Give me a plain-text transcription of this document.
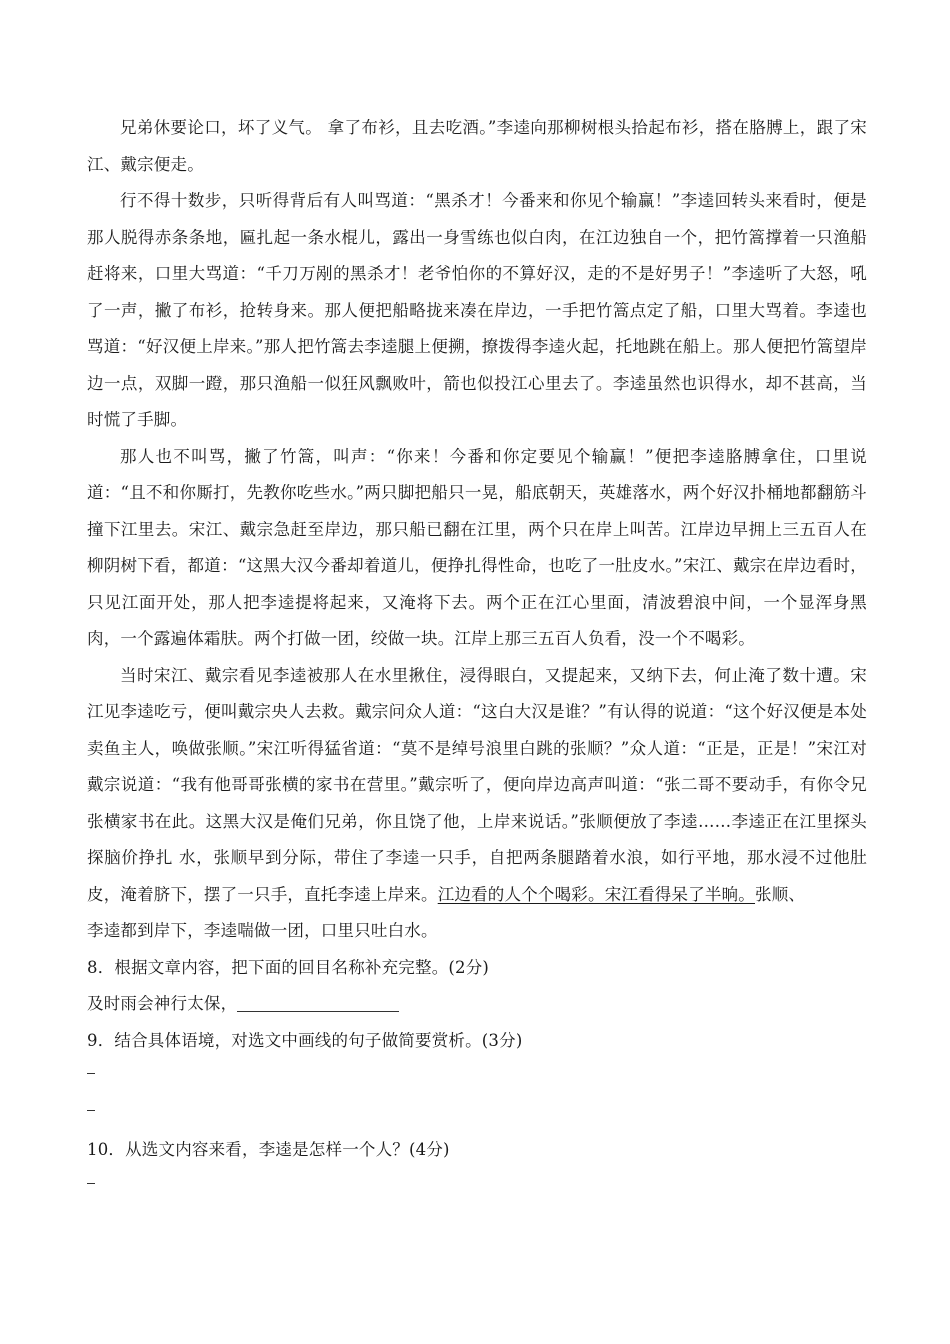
兄弟休要论口，坏了义气。 拿了布衫，且去吃酒。”李逵向那柳树根头拾起布衫，搭在胳膊上，跟了宋江、戴宗便走。

行不得十数步，只听得背后有人叫骂道：“黑杀才！今番来和你见个输赢！”李逵回转头来看时，便是那人脱得赤条条地，匾扎起一条水棍儿，露出一身雪练也似白肉，在江边独自一个，把竹篙撑着一只渔船赶将来，口里大骂道：“千刀万剐的黑杀才！老爷怕你的不算好汉，走的不是好男子！”李逵听了大怒，吼了一声，撇了布衫，抢转身来。那人便把船略拢来凑在岸边，一手把竹篙点定了船，口里大骂着。李逵也骂道：“好汉便上岸来。”那人把竹篙去李逵腿上便搠，撩拨得李逵火起，托地跳在船上。那人便把竹篙望岸边一点，双脚一蹬，那只渔船一似狂风飘败叶，箭也似投江心里去了。李逵虽然也识得水，却不甚高，当时慌了手脚。

那人也不叫骂，撇了竹篙，叫声：“你来！今番和你定要见个输赢！”便把李逵胳膊拿住，口里说道：“且不和你厮打，先教你吃些水。”两只脚把船只一晃，船底朝天，英雄落水，两个好汉扑桶地都翻筋斗撞下江里去。宋江、戴宗急赶至岸边，那只船已翻在江里，两个只在岸上叫苦。江岸边早拥上三五百人在柳阴树下看，都道：“这黑大汉今番却着道儿，便挣扎得性命，也吃了一肚皮水。”宋江、戴宗在岸边看时，只见江面开处，那人把李逵提将起来，又淹将下去。两个正在江心里面，清波碧浪中间，一个显浑身黑肉，一个露遍体霜肤。两个打做一团，绞做一块。江岸上那三五百人负看，没一个不喝彩。

当时宋江、戴宗看见李逵被那人在水里揪住，浸得眼白，又提起来，又纳下去，何止淹了数十遭。宋江见李逵吃亏，便叫戴宗央人去救。戴宗问众人道：“这白大汉是谁？”有认得的说道：“这个好汉便是本处卖鱼主人，唤做张顺。”宋江听得猛省道：“莫不是绰号浪里白跳的张顺？”众人道：“正是，正是！”宋江对戴宗说道：“我有他哥哥张横的家书在营里。”戴宗听了，便向岸边高声叫道：“张二哥不要动手，有你令兄张横家书在此。这黑大汉是俺们兄弟，你且饶了他，上岸来说话。”张顺便放了李逵……李逵正在江里探头探脑价挣扎 水，张顺早到分际，带住了李逵一只手，自把两条腿踏着水浪，如行平地，那水浸不过他肚皮，淹着脐下，摆了一只手，直托李逵上岸来。江边看的人个个喝彩。宋江看得呆了半晌。张顺、

李逵都到岸下，李逵喘做一团，口里只吐白水。

8．根据文章内容，把下面的回目名称补充完整。(2分)

及时雨会神行太保，

9．结合具体语境，对选文中画线的句子做简要赏析。(3分)

10．从选文内容来看，李逵是怎样一个人？(4分)
